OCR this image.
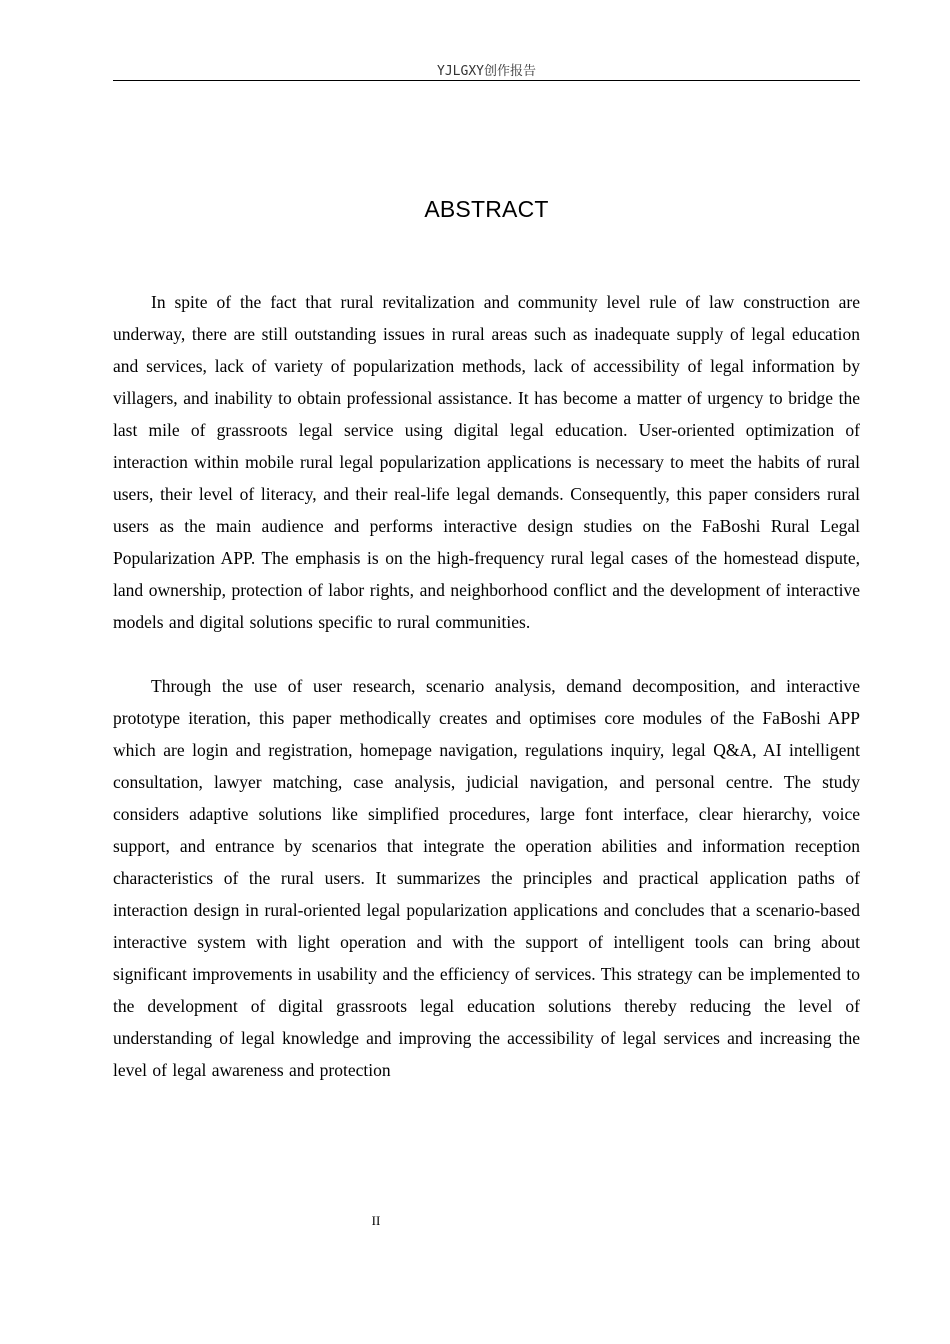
YJLGXY创作报告
ABSTRACT

In spite of the fact that rural revitalization and community level rule of law construction are underway, there are still outstanding issues in rural areas such as inadequate supply of legal education and services, lack of variety of popularization methods, lack of accessibility of legal information by villagers, and inability to obtain professional assistance. It has become a matter of urgency to bridge the last mile of grassroots legal service using digital legal education. User-oriented optimization of interaction within mobile rural legal popularization applications is necessary to meet the habits of rural users, their level of literacy, and their real-life legal demands. Consequently, this paper considers rural users as the main audience and performs interactive design studies on the FaBoshi Rural Legal Popularization APP. The emphasis is on the high-frequency rural legal cases of the homestead dispute, land ownership, protection of labor rights, and neighborhood conflict and the development of interactive models and digital solutions specific to rural communities.

Through the use of user research, scenario analysis, demand decomposition, and interactive prototype iteration, this paper methodically creates and optimises core modules of the FaBoshi APP which are login and registration, homepage navigation, regulations inquiry, legal Q&A, AI intelligent consultation, lawyer matching, case analysis, judicial navigation, and personal centre. The study considers adaptive solutions like simplified procedures, large font interface, clear hierarchy, voice support, and entrance by scenarios that integrate the operation abilities and information reception characteristics of the rural users. It summarizes the principles and practical application paths of interaction design in rural-oriented legal popularization applications and concludes that a scenario-based interactive system with light operation and with the support of intelligent tools can bring about significant improvements in usability and the efficiency of services. This strategy can be implemented to the development of digital grassroots legal education solutions thereby reducing the level of understanding of legal knowledge and improving the accessibility of legal services and increasing the level of legal awareness and protection

II
